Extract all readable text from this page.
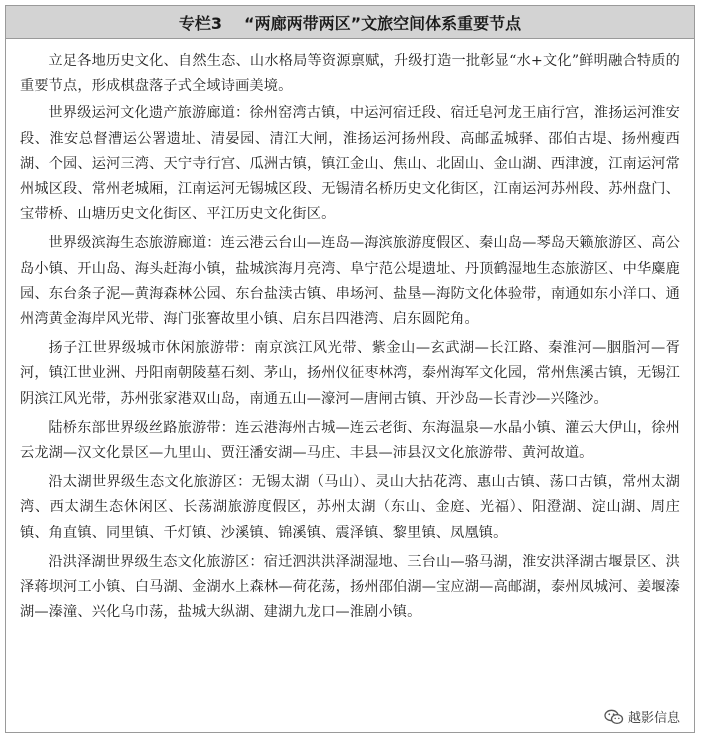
专栏3 “两廊两带两区”文旅空间体系重要节点

立足各地历史文化、自然生态、山水格局等资源禀赋，升级打造一批彰显“水+文化”鲜明融合特质的重要节点，形成棋盘落子式全域诗画美境。

世界级运河文化遗产旅游廊道：徐州窑湾古镇，中运河宿迁段、宿迁皂河龙王庙行宫，淮扬运河淮安段、淮安总督漕运公署遗址、清晏园、清江大闸，淮扬运河扬州段、高邮孟城驿、邵伯古堤、扬州瘦西湖、个园、运河三湾、天宁寺行宫、瓜洲古镇，镇江金山、焦山、北固山、金山湖、西津渡，江南运河常州城区段、常州老城厢，江南运河无锡城区段、无锡清名桥历史文化街区，江南运河苏州段、苏州盘门、宝带桥、山塘历史文化街区、平江历史文化街区。

世界级滨海生态旅游廊道：连云港云台山—连岛—海滨旅游度假区、秦山岛—琴岛天籁旅游区、高公岛小镇、开山岛、海头赶海小镇，盐城滨海月亮湾、阜宁范公堤遗址、丹顶鹤湿地生态旅游区、中华麋鹿园、东台条子泥—黄海森林公园、东台盐渎古镇、串场河、盐垦—海防文化体验带，南通如东小洋口、通州湾黄金海岸风光带、海门张謇故里小镇、启东吕四港湾、启东圆陀角。

扬子江世界级城市休闲旅游带：南京滨江风光带、紫金山—玄武湖—长江路、秦淮河—胭脂河—胥河，镇江世业洲、丹阳南朝陵墓石刻、茅山，扬州仪征枣林湾，泰州海军文化园，常州焦溪古镇，无锡江阴滨江风光带，苏州张家港双山岛，南通五山—濠河—唐闸古镇、开沙岛—长青沙—兴隆沙。

陆桥东部世界级丝路旅游带：连云港海州古城—连云老街、东海温泉—水晶小镇、灌云大伊山，徐州云龙湖—汉文化景区—九里山、贾汪潘安湖—马庄、丰县—沛县汉文化旅游带、黄河故道。

沿太湖世界级生态文化旅游区：无锡太湖（马山）、灵山大拈花湾、惠山古镇、荡口古镇，常州太湖湾、西太湖生态休闲区、长荡湖旅游度假区，苏州太湖（东山、金庭、光福）、阳澄湖、淀山湖、周庄镇、角直镇、同里镇、千灯镇、沙溪镇、锦溪镇、震泽镇、黎里镇、凤凰镇。

沿洪泽湖世界级生态文化旅游区：宿迁泗洪洪泽湖湿地、三台山—骆马湖，淮安洪泽湖古堰景区、洪泽蒋坝河工小镇、白马湖、金湖水上森林—荷花荡，扬州邵伯湖—宝应湖—高邮湖，泰州凤城河、姜堰溱湖—溱潼、兴化乌巾荡，盐城大纵湖、建湖九龙口—淮剧小镇。

越影信息
